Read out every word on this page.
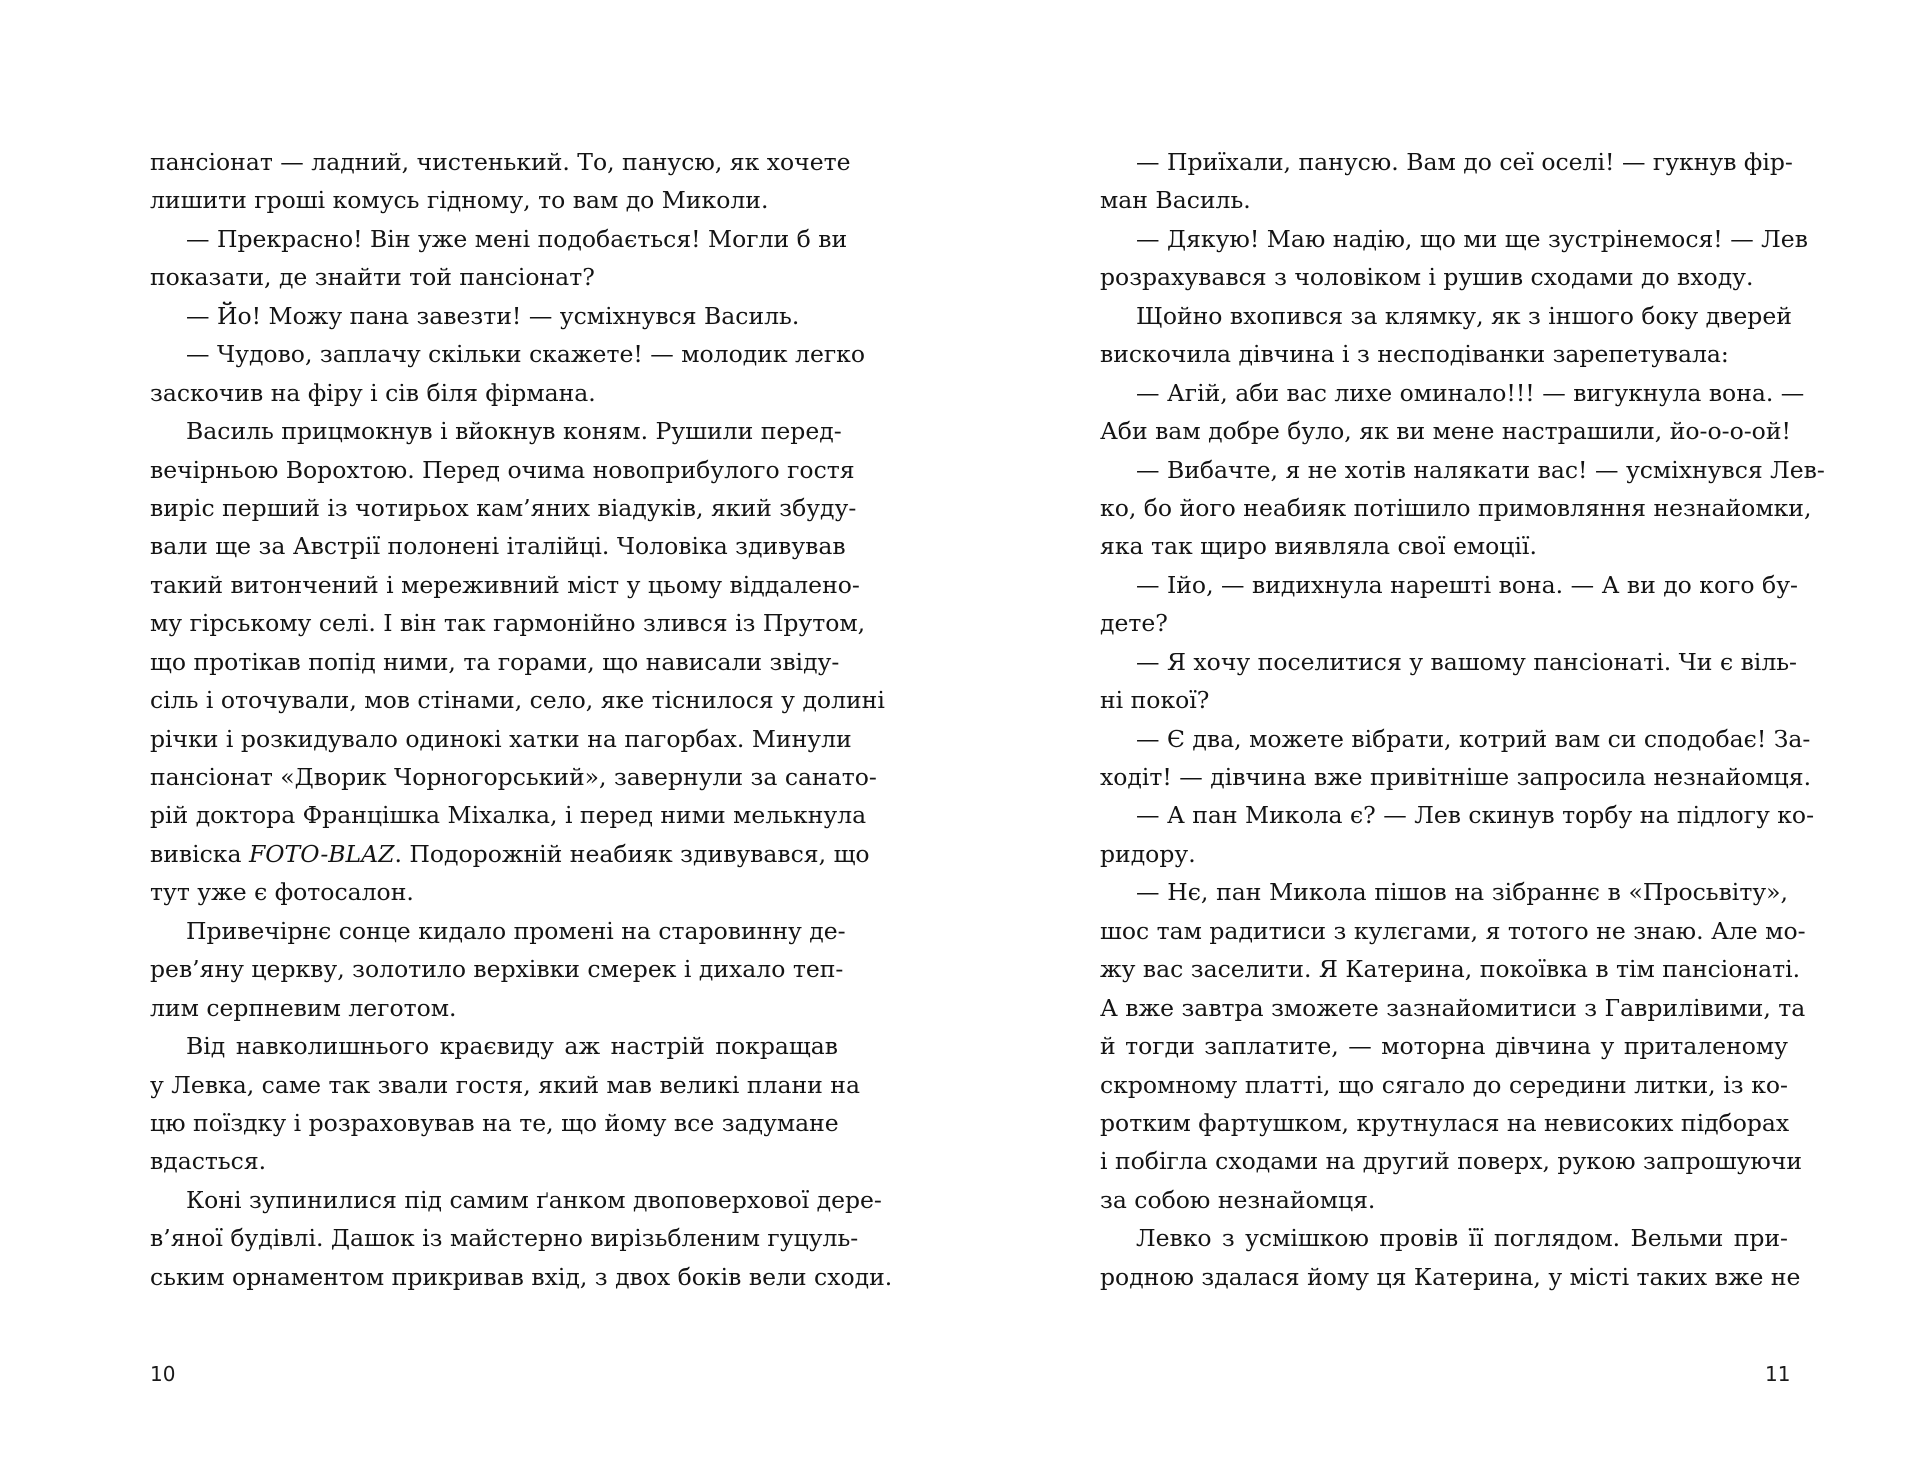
пансіонат — ладний, чистенький. То, панусю, як хочете
лишити гроші комусь гідному, то вам до Миколи.
— Прекрасно! Він уже мені подобається! Могли б ви
показати, де знайти той пансіонат?
— Йо! Можу пана завезти! — усміхнувся Василь.
— Чудово, заплачу скільки скажете! — молодик легко
заскочив на фіру і сів біля фірмана.
Василь прицмокнув і вйокнув коням. Рушили перед-
вечірньою Ворохтою. Перед очима новоприбулого гостя
виріс перший із чотирьох кам’яних віадуків, який збуду-
вали ще за Австрії полонені італійці. Чоловіка здивував
такий витончений і мереживний міст у цьому віддалено-
му гірському селі. І він так гармонійно злився із Прутом,
що протікав попід ними, та горами, що нависали звіду-
сіль і оточували, мов стінами, село, яке тіснилося у долині
річки і розкидувало одинокі хатки на пагорбах. Минули
пансіонат «Дворик Чорногорський», завернули за санато-
рій доктора Францішка Міхалка, і перед ними мелькнула
вивіска FOTO-BLAZ. Подорожній неабияк здивувався, що
тут уже є фотосалон.
Привечірнє сонце кидало промені на старовинну де-
рев’яну церкву, золотило верхівки смерек і дихало теп-
лим серпневим леготом.
Від навколишнього краєвиду аж настрій покращав
у Левка, саме так звали гостя, який мав великі плани на
цю поїздку і розраховував на те, що йому все задумане
вдасться.
Коні зупинилися під самим ґанком двоповерхової дере-
в’яної будівлі. Дашок із майстерно вирізьбленим гуцуль-
ським орнаментом прикривав вхід, з двох боків вели сходи.
10
— Приїхали, панусю. Вам до сеї оселі! — гукнув фір-
ман Василь.
— Дякую! Маю надію, що ми ще зустрінемося! — Лев
розрахувався з чоловіком і рушив сходами до входу.
Щойно вхопився за клямку, як з іншого боку дверей
вискочила дівчина і з несподіванки зарепетувала:
— Агій, аби вас лихе оминало!!! — вигукнула вона. —
Аби вам добре було, як ви мене настрашили, йо-о-о-ой!
— Вибачте, я не хотів налякати вас! — усміхнувся Лев-
ко, бо його неабияк потішило примовляння незнайомки,
яка так щиро виявляла свої емоції.
— Ійо, — видихнула нарешті вона. — А ви до кого бу-
дете?
— Я хочу поселитися у вашому пансіонаті. Чи є віль-
ні покої?
— Є два, можете вібрати, котрий вам си сподобає! За-
ходіт! — дівчина вже привітніше запросила незнайомця.
— А пан Микола є? — Лев скинув торбу на підлогу ко-
ридору.
— Нє, пан Микола пішов на зібраннє в «Просьвіту»,
шос там радитиси з кулєгами, я тотого не знаю. Але мо-
жу вас заселити. Я Катерина, покоївка в тім пансіонаті.
А вже завтра зможете зазнайомитиси з Гаврилівими, та
й тогди заплатите, — моторна дівчина у приталеному
скромному платті, що сягало до середини литки, із ко-
ротким фартушком, крутнулася на невисоких підборах
і побігла сходами на другий поверх, рукою запрошуючи
за собою незнайомця.
Левко з усмішкою провів її поглядом. Вельми при-
родною здалася йому ця Катерина, у місті таких вже не
11
